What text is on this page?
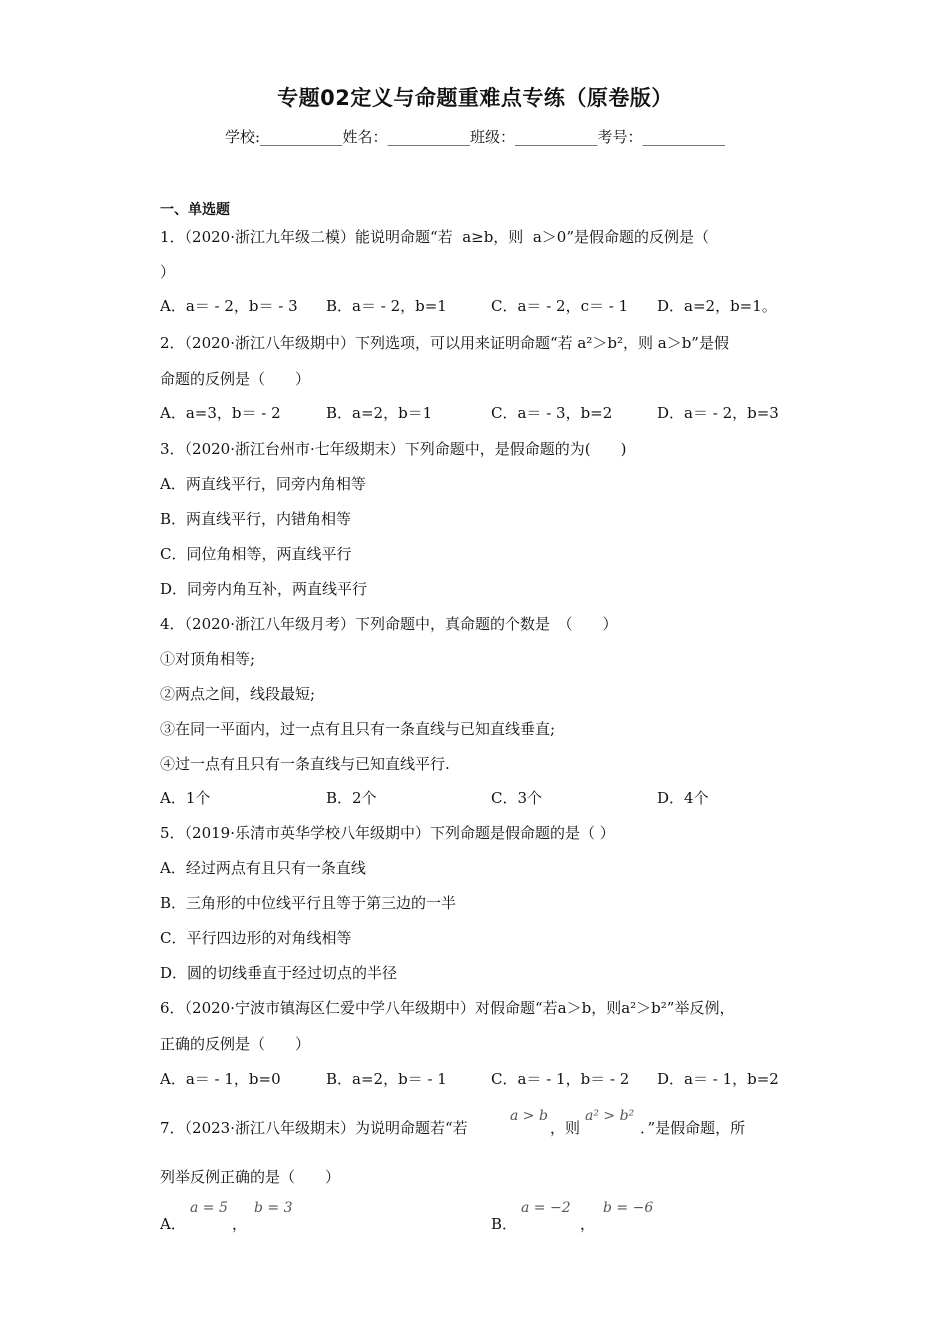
专题02定义与命题重难点专练（原卷版）
学校:___________姓名：___________班级：___________考号：___________
一、单选题
1．（2020·浙江九年级二模）能说明命题“若  a≥b，则  a＞0”是假命题的反例是（
）
A．a＝ - 2，b＝ - 3 B．a＝ - 2，b=1	C．a＝ - 2，c＝ - 1 D．a=2，b=1。
2．（2020·浙江八年级期中）下列选项，可以用来证明命题“若 a²＞b²，则 a＞b”是假
命题的反例是（　　）
A．a=3，b＝ - 2	B．a=2，b＝1	C．a＝ - 3，b=2	D．a＝ - 2，b=3
3．（2020·浙江台州市·七年级期末）下列命题中，是假命题的为(　　)
A．两直线平行，同旁内角相等
B．两直线平行，内错角相等
C．同位角相等，两直线平行
D．同旁内角互补，两直线平行
4．（2020·浙江八年级月考）下列命题中，真命题的个数是　（　　）
①对顶角相等;
②两点之间，线段最短;
③在同一平面内，过一点有且只有一条直线与已知直线垂直;
④过一点有且只有一条直线与已知直线平行.
A．1个	B．2个	C．3个	D．4个
5．（2019·乐清市英华学校八年级期中）下列命题是假命题的是（ ）
A．经过两点有且只有一条直线
B．三角形的中位线平行且等于第三边的一半
C．平行四边形的对角线相等
D．圆的切线垂直于经过切点的半径
6．（2020·宁波市镇海区仁爱中学八年级期中）对假命题“若a＞b，则a²＞b²”举反例，
正确的反例是（　　）
A．a＝ - 1，b=0	B．a=2，b＝ - 1	C．a＝ - 1，b＝ - 2 D．a＝ - 1，b=2
7．（2023·浙江八年级期末）为说明命题若“若
a > b
，则
a² > b²
．”是假命题，所
列举反例正确的是（　　）
A．
a = 5
，
b = 3
B．
a = −2
，
b = −6
